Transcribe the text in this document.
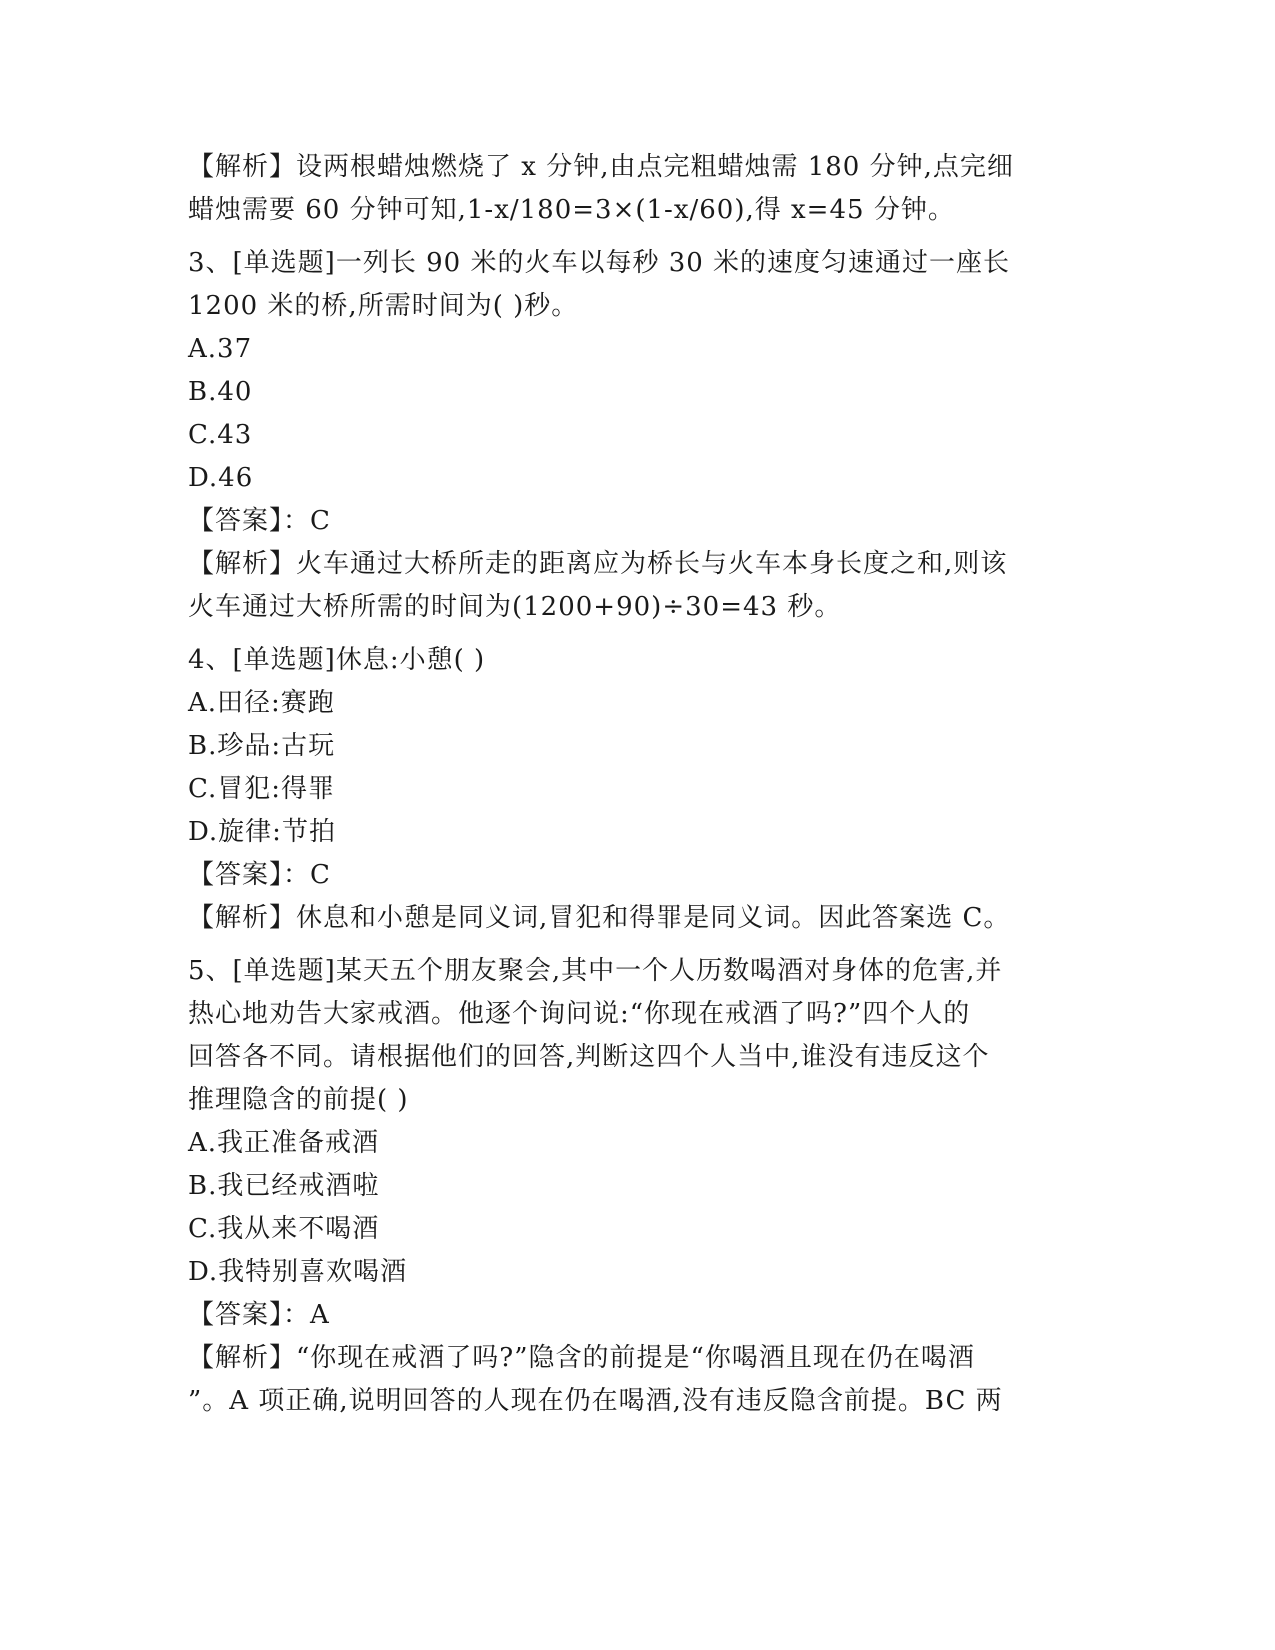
【解析】设两根蜡烛燃烧了 x 分钟,由点完粗蜡烛需 180 分钟,点完细
蜡烛需要 60 分钟可知,1-x/180=3×(1-x/60),得 x=45 分钟。
3、[单选题]一列长 90 米的火车以每秒 30 米的速度匀速通过一座长
1200 米的桥,所需时间为( )秒。
A.37
B.40
C.43
D.46
【答案】：C
【解析】火车通过大桥所走的距离应为桥长与火车本身长度之和,则该
火车通过大桥所需的时间为(1200+90)÷30=43 秒。
4、[单选题]休息:小憩( )
A.田径:赛跑
B.珍品:古玩
C.冒犯:得罪
D.旋律:节拍
【答案】：C
【解析】休息和小憩是同义词,冒犯和得罪是同义词。因此答案选 C。
5、[单选题]某天五个朋友聚会,其中一个人历数喝酒对身体的危害,并
热心地劝告大家戒酒。他逐个询问说:“你现在戒酒了吗?”四个人的
回答各不同。请根据他们的回答,判断这四个人当中,谁没有违反这个
推理隐含的前提( )
A.我正准备戒酒
B.我已经戒酒啦
C.我从来不喝酒
D.我特别喜欢喝酒
【答案】：A
【解析】“你现在戒酒了吗?”隐含的前提是“你喝酒且现在仍在喝酒
”。A 项正确,说明回答的人现在仍在喝酒,没有违反隐含前提。BC 两
